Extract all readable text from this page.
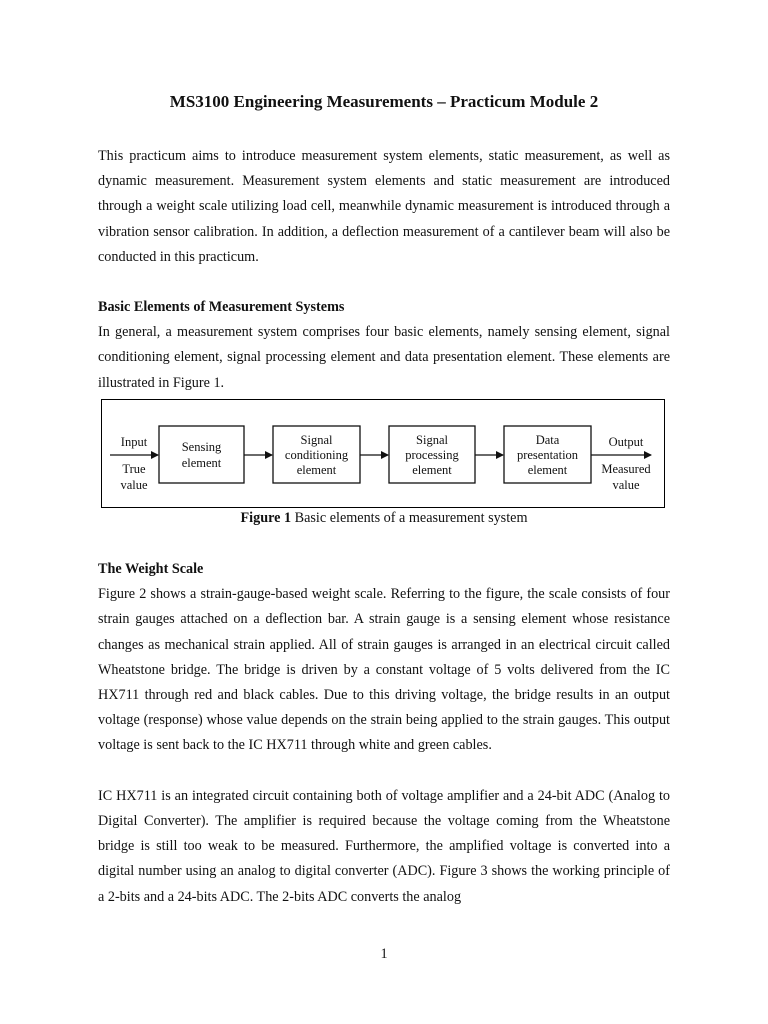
MS3100 Engineering Measurements – Practicum Module 2

This practicum aims to introduce measurement system elements, static measurement, as well as dynamic measurement. Measurement system elements and static measurement are introduced through a weight scale utilizing load cell, meanwhile dynamic measurement is introduced through a vibration sensor calibration. In addition, a deflection measurement of a cantilever beam will also be conducted in this practicum.

Basic Elements of Measurement Systems

In general, a measurement system comprises four basic elements, namely sensing element, signal conditioning element, signal processing element and data presentation element. These elements are illustrated in Figure 1.

Input
True
value
Sensing
element
Signal
conditioning
element
Signal
processing
element
Data
presentation
element
Output
Measured
value

Figure 1 Basic elements of a measurement system

The Weight Scale

Figure 2 shows a strain-gauge-based weight scale. Referring to the figure, the scale consists of four strain gauges attached on a deflection bar. A strain gauge is a sensing element whose resistance changes as mechanical strain applied. All of strain gauges is arranged in an electrical circuit called Wheatstone bridge. The bridge is driven by a constant voltage of 5 volts delivered from the IC HX711 through red and black cables. Due to this driving voltage, the bridge results in an output voltage (response) whose value depends on the strain being applied to the strain gauges. This output voltage is sent back to the IC HX711 through white and green cables.

IC HX711 is an integrated circuit containing both of voltage amplifier and a 24-bit ADC (Analog to Digital Converter). The amplifier is required because the voltage coming from the Wheatstone bridge is still too weak to be measured. Furthermore, the amplified voltage is converted into a digital number using an analog to digital converter (ADC). Figure 3 shows the working principle of a 2-bits and a 24-bits ADC. The 2-bits ADC converts the analog

1
